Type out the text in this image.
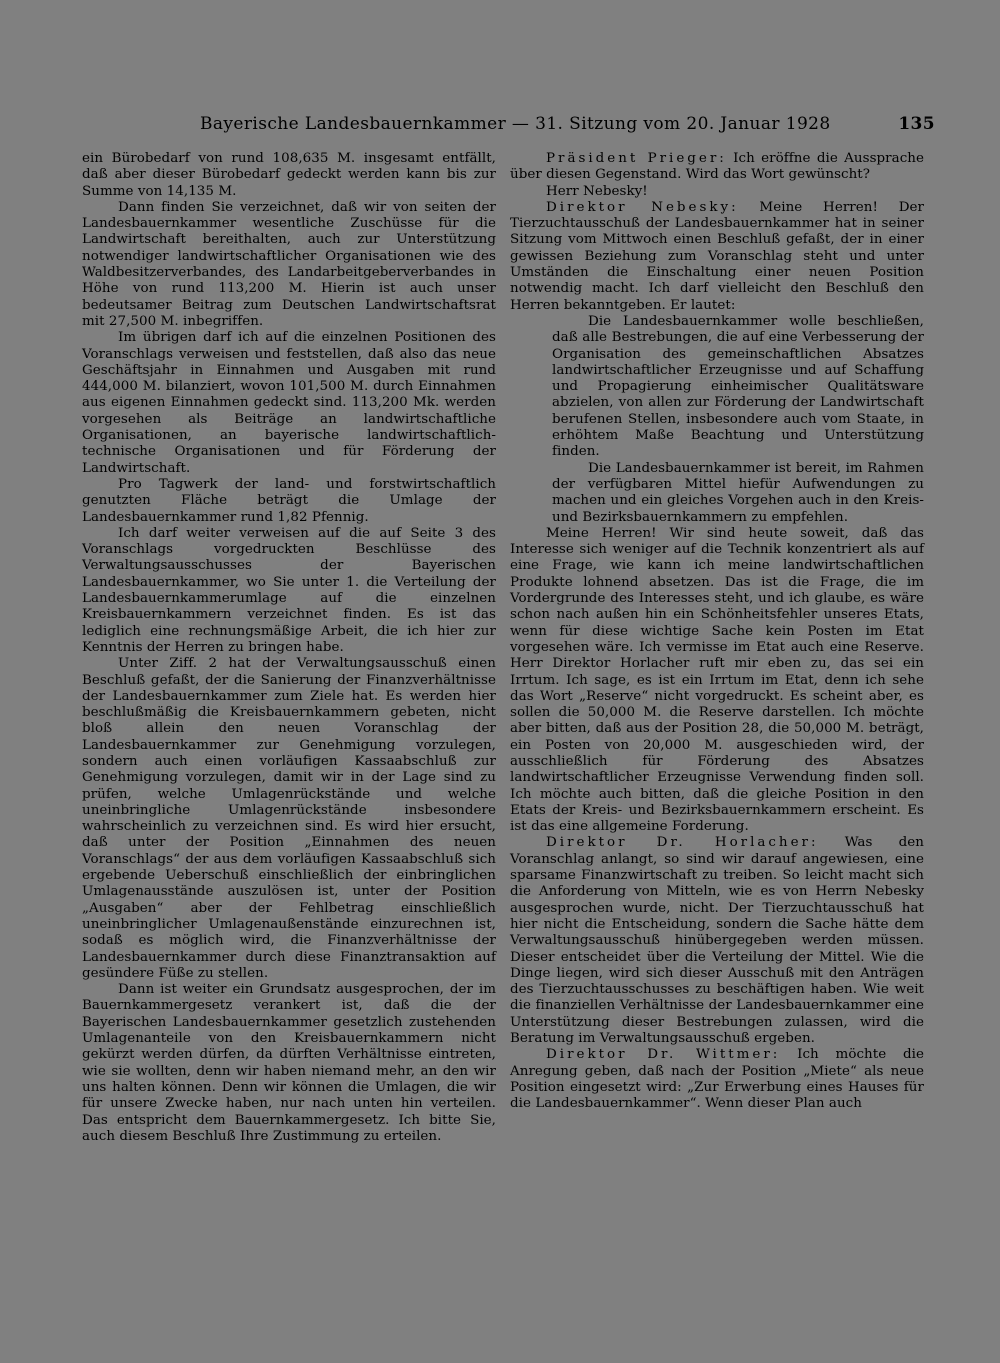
Bayerische Landesbauernkammer — 31. Sitzung vom 20. Januar 1928	135

ein Bürobedarf von rund 108,635 M. insgesamt entfällt, daß aber dieser Bürobedarf gedeckt werden kann bis zur Summe von 14,135 M.

Dann finden Sie verzeichnet, daß wir von seiten der Landesbauernkammer wesentliche Zuschüsse für die Landwirtschaft bereithalten, auch zur Unterstützung notwendiger landwirtschaftlicher Organisationen wie des Waldbesitzerverbandes, des Landarbeitgeberverbandes in Höhe von rund 113,200 M. Hierin ist auch unser bedeutsamer Beitrag zum Deutschen Landwirtschaftsrat mit 27,500 M. inbegriffen.

Im übrigen darf ich auf die einzelnen Positionen des Voranschlags verweisen und feststellen, daß also das neue Geschäftsjahr in Einnahmen und Ausgaben mit rund 444,000 M. bilanziert, wovon 101,500 M. durch Einnahmen aus eigenen Einnahmen gedeckt sind. 113,200 Mk. werden vorgesehen als Beiträge an landwirtschaftliche Organisationen, an bayerische landwirtschaftlich-technische Organisationen und für Förderung der Landwirtschaft.

Pro Tagwerk der land- und forstwirtschaftlich genutzten Fläche beträgt die Umlage der Landesbauernkammer rund 1,82 Pfennig.

Ich darf weiter verweisen auf die auf Seite 3 des Voranschlags vorgedruckten Beschlüsse des Verwaltungsausschusses der Bayerischen Landesbauernkammer, wo Sie unter 1. die Verteilung der Landesbauernkammerumlage auf die einzelnen Kreisbauernkammern verzeichnet finden. Es ist das lediglich eine rechnungsmäßige Arbeit, die ich hier zur Kenntnis der Herren zu bringen habe.

Unter Ziff. 2 hat der Verwaltungsausschuß einen Beschluß gefaßt, der die Sanierung der Finanzverhältnisse der Landesbauernkammer zum Ziele hat. Es werden hier beschlußmäßig die Kreisbauernkammern gebeten, nicht bloß allein den neuen Voranschlag der Landesbauernkammer zur Genehmigung vorzulegen, sondern auch einen vorläufigen Kassaabschluß zur Genehmigung vorzulegen, damit wir in der Lage sind zu prüfen, welche Umlagenrückstände und welche uneinbringliche Umlagenrückstände insbesondere wahrscheinlich zu verzeichnen sind. Es wird hier ersucht, daß unter der Position „Einnahmen des neuen Voranschlags“ der aus dem vorläufigen Kassaabschluß sich ergebende Ueberschuß einschließlich der einbringlichen Umlagenausstände auszulösen ist, unter der Position „Ausgaben“ aber der Fehlbetrag einschließlich uneinbringlicher Umlagenaußenstände einzurechnen ist, sodaß es möglich wird, die Finanzverhältnisse der Landesbauernkammer durch diese Finanztransaktion auf gesündere Füße zu stellen.

Dann ist weiter ein Grundsatz ausgesprochen, der im Bauernkammergesetz verankert ist, daß die der Bayerischen Landesbauernkammer gesetzlich zustehenden Umlagenanteile von den Kreisbauernkammern nicht gekürzt werden dürfen, da dürften Verhältnisse eintreten, wie sie wollten, denn wir haben niemand mehr, an den wir uns halten können. Denn wir können die Umlagen, die wir für unsere Zwecke haben, nur nach unten hin verteilen. Das entspricht dem Bauernkammergesetz. Ich bitte Sie, auch diesem Beschluß Ihre Zustimmung zu erteilen.

Präsident Prieger: Ich eröffne die Aussprache über diesen Gegenstand. Wird das Wort gewünscht?

Herr Nebesky!

Direktor Nebesky: Meine Herren! Der Tierzuchtausschuß der Landesbauernkammer hat in seiner Sitzung vom Mittwoch einen Beschluß gefaßt, der in einer gewissen Beziehung zum Voranschlag steht und unter Umständen die Einschaltung einer neuen Position notwendig macht. Ich darf vielleicht den Beschluß den Herren bekanntgeben. Er lautet:

Die Landesbauernkammer wolle beschließen, daß alle Bestrebungen, die auf eine Verbesserung der Organisation des gemeinschaftlichen Absatzes landwirtschaftlicher Erzeugnisse und auf Schaffung und Propagierung einheimischer Qualitätsware abzielen, von allen zur Förderung der Landwirtschaft berufenen Stellen, insbesondere auch vom Staate, in erhöhtem Maße Beachtung und Unterstützung finden.

Die Landesbauernkammer ist bereit, im Rahmen der verfügbaren Mittel hiefür Aufwendungen zu machen und ein gleiches Vorgehen auch in den Kreis- und Bezirksbauernkammern zu empfehlen.

Meine Herren! Wir sind heute soweit, daß das Interesse sich weniger auf die Technik konzentriert als auf eine Frage, wie kann ich meine landwirtschaftlichen Produkte lohnend absetzen. Das ist die Frage, die im Vordergrunde des Interesses steht, und ich glaube, es wäre schon nach außen hin ein Schönheitsfehler unseres Etats, wenn für diese wichtige Sache kein Posten im Etat vorgesehen wäre. Ich vermisse im Etat auch eine Reserve. Herr Direktor Horlacher ruft mir eben zu, das sei ein Irrtum. Ich sage, es ist ein Irrtum im Etat, denn ich sehe das Wort „Reserve“ nicht vorgedruckt. Es scheint aber, es sollen die 50,000 M. die Reserve darstellen. Ich möchte aber bitten, daß aus der Position 28, die 50,000 M. beträgt, ein Posten von 20,000 M. ausgeschieden wird, der ausschließlich für Förderung des Absatzes landwirtschaftlicher Erzeugnisse Verwendung finden soll. Ich möchte auch bitten, daß die gleiche Position in den Etats der Kreis- und Bezirksbauernkammern erscheint. Es ist das eine allgemeine Forderung.

Direktor Dr. Horlacher: Was den Voranschlag anlangt, so sind wir darauf angewiesen, eine sparsame Finanzwirtschaft zu treiben. So leicht macht sich die Anforderung von Mitteln, wie es von Herrn Nebesky ausgesprochen wurde, nicht. Der Tierzuchtausschuß hat hier nicht die Entscheidung, sondern die Sache hätte dem Verwaltungsausschuß hinübergegeben werden müssen. Dieser entscheidet über die Verteilung der Mittel. Wie die Dinge liegen, wird sich dieser Ausschuß mit den Anträgen des Tierzuchtausschusses zu beschäftigen haben. Wie weit die finanziellen Verhältnisse der Landesbauernkammer eine Unterstützung dieser Bestrebungen zulassen, wird die Beratung im Verwaltungsausschuß ergeben.

Direktor Dr. Wittmer: Ich möchte die Anregung geben, daß nach der Position „Miete“ als neue Position eingesetzt wird: „Zur Erwerbung eines Hauses für die Landesbauernkammer“. Wenn dieser Plan auch
